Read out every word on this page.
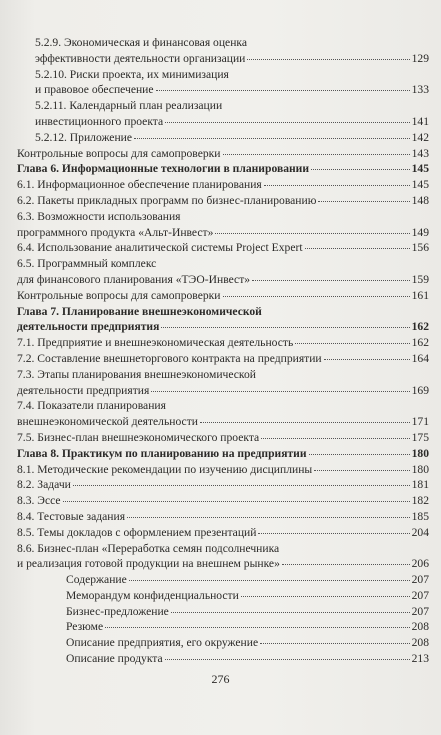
5.2.9. Экономическая и финансовая оценка
эффективности деятельности организации	129
5.2.10. Риски проекта, их минимизация
и правовое обеспечение	133
5.2.11. Календарный план реализации
инвестиционного проекта	141
5.2.12. Приложение	142
Контрольные вопросы для самопроверки	143
Глава 6. Информационные технологии в планировании	145
6.1. Информационное обеспечение планирования	145
6.2. Пакеты прикладных программ по бизнес-планированию	148
6.3. Возможности использования
программного продукта «Альт-Инвест»	149
6.4. Использование аналитической системы Project Expert	156
6.5. Программный комплекс
для финансового планирования «ТЭО-Инвест»	159
Контрольные вопросы для самопроверки	161
Глава 7. Планирование внешнеэкономической
деятельности предприятия	162
7.1. Предприятие и внешнеэкономическая деятельность	162
7.2. Составление внешнеторгового контракта на предприятии	164
7.3. Этапы планирования внешнеэкономической
деятельности предприятия	169
7.4. Показатели планирования
внешнеэкономической деятельности	171
7.5. Бизнес-план внешнеэкономического проекта	175
Глава 8. Практикум по планированию на предприятии	180
8.1. Методические рекомендации по изучению дисциплины	180
8.2. Задачи	181
8.3. Эссе	182
8.4. Тестовые задания	185
8.5. Темы докладов с оформлением презентаций	204
8.6. Бизнес-план «Переработка семян подсолнечника
и реализация готовой продукции на внешнем рынке»	206
Содержание	207
Меморандум конфиденциальности	207
Бизнес-предложение	207
Резюме	208
Описание предприятия, его окружение	208
Описание продукта	213
276
